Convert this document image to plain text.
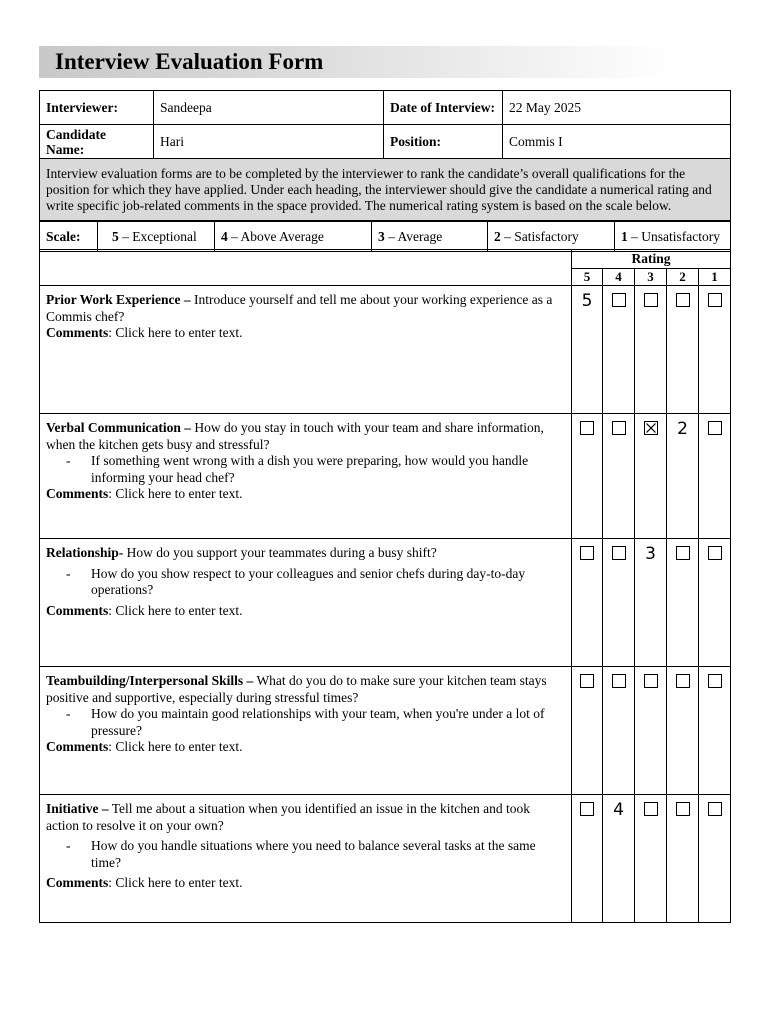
Interview Evaluation Form
Interviewer:	Sandeepa	Date of Interview:	22 May 2025
Candidate Name:	Hari	Position:	Commis I
Interview evaluation forms are to be completed by the interviewer to rank the candidate’s overall qualifications for the position for which they have applied. Under each heading, the interviewer should give the candidate a numerical rating and write specific job-related comments in the space provided. The numerical rating system is based on the scale below.			
Scale:	5 – Exceptional	4 – Above Average	3 – Average	2 – Satisfactory	1 – Unsatisfactory
	Rating				
	5	4	3	2	1

Prior Work Experience – Introduce yourself and tell me about your working experience as a Commis chef?

Comments: Click here to enter text.	5				

Verbal Communication – How do you stay in touch with your team and share information, when the kitchen gets busy and stressful?

- If something went wrong with a dish you were preparing, how would you handle informing your head chef?

Comments: Click here to enter text.				2	

Relationship- How do you support your teammates during a busy shift?

- How do you show respect to your colleagues and senior chefs during day-to-day operations?

Comments: Click here to enter text.			3		

Teambuilding/Interpersonal Skills – What do you do to make sure your kitchen team stays positive and supportive, especially during stressful times?

- How do you maintain good relationships with your team, when you're under a lot of pressure?

Comments: Click here to enter text.					

Initiative – Tell me about a situation when you identified an issue in the kitchen and took action to resolve it on your own?

- How do you handle situations where you need to balance several tasks at the same time?

Comments: Click here to enter text.		4			
